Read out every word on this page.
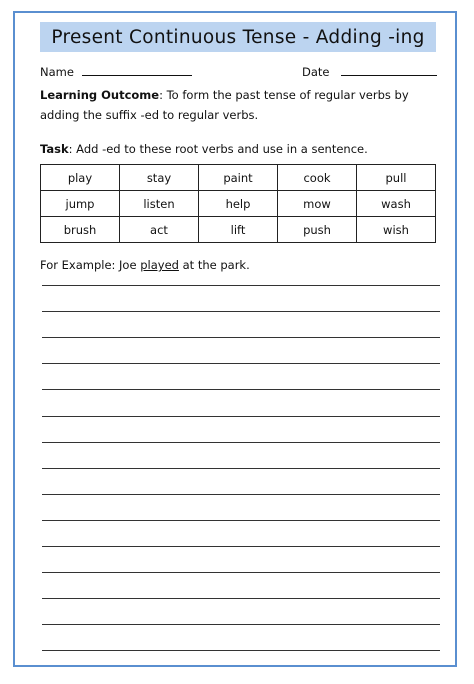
Present Continuous Tense - Adding -ing
Name	Date
Learning Outcome: To form the past tense of regular verbs by adding the suffix -ed to regular verbs.
Task: Add -ed to these root verbs and use in a sentence.
play	stay	paint	cook	pull
jump	listen	help	mow	wash
brush	act	lift	push	wish
For Example: Joe played at the park.
